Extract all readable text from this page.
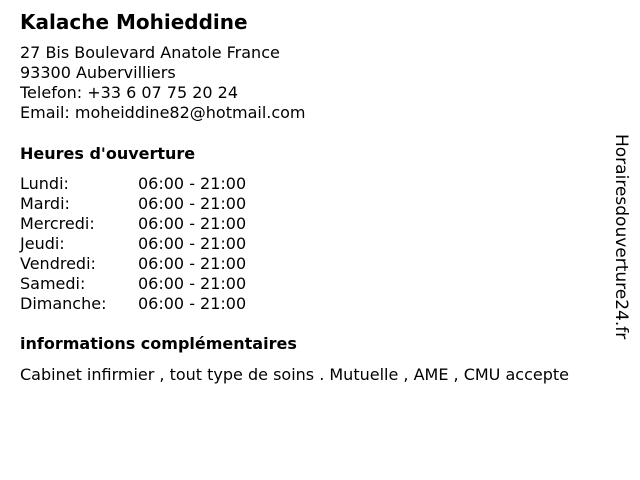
Kalache Mohieddine
27 Bis Boulevard Anatole France
93300 Aubervilliers
Telefon: +33 6 07 75 20 24
Email: moheiddine82@hotmail.com
Heures d'ouverture
Lundi:	06:00 - 21:00
Mardi:	06:00 - 21:00
Mercredi:	06:00 - 21:00
Jeudi:	06:00 - 21:00
Vendredi:	06:00 - 21:00
Samedi:	06:00 - 21:00
Dimanche:	06:00 - 21:00
informations complémentaires
Cabinet infirmier , tout type de soins . Mutuelle , AME , CMU accepte
Horairesdouverture24.fr
